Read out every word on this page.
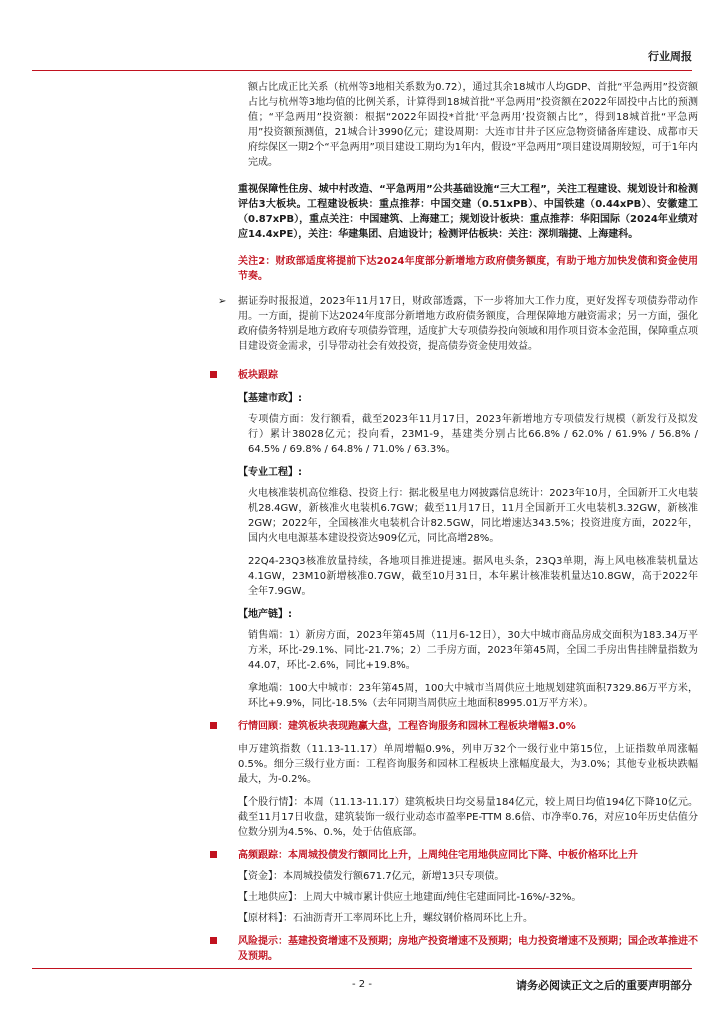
行业周报

额占比成正比关系（杭州等3地相关系数为0.72），通过其余18城市人均GDP、首批“平急两用”投资额占比与杭州等3地均值的比例关系，计算得到18城首批“平急两用”投资额在2022年固投中占比的预测值；“平急两用”投资额：根据“2022年固投*首批‘平急两用’投资额占比”，得到18城首批“平急两用”投资额预测值，21城合计3990亿元；建设周期：大连市甘井子区应急物资储备库建设、成都市天府综保区一期2个“平急两用”项目建设工期均为1年内，假设“平急两用”项目建设周期较短，可于1年内完成。

重视保障性住房、城中村改造、“平急两用”公共基础设施“三大工程”，关注工程建设、规划设计和检测评估3大板块。工程建设板块：重点推荐：中国交建（0.51xPB）、中国铁建（0.44xPB）、安徽建工（0.87xPB），重点关注：中国建筑、上海建工；规划设计板块：重点推荐：华阳国际（2024年业绩对应14.4xPE），关注：华建集团、启迪设计；检测评估板块：关注：深圳瑞捷、上海建科。

关注2：财政部适度将提前下达2024年度部分新增地方政府债务额度，有助于地方加快发债和资金使用节奏。

➢ 据证券时报报道，2023年11月17日，财政部透露，下一步将加大工作力度，更好发挥专项债券带动作用。一方面，提前下达2024年度部分新增地方政府债务额度，合理保障地方融资需求；另一方面，强化政府债务特别是地方政府专项债券管理，适度扩大专项债券投向领域和用作项目资本金范围，保障重点项目建设资金需求，引导带动社会有效投资，提高债券资金使用效益。

板块跟踪

【基建市政】:

专项债方面：发行额看，截至2023年11月17日，2023年新增地方专项债发行规模（新发行及拟发行）累计38028亿元；投向看，23M1-9，基建类分别占比66.8% / 62.0% / 61.9% / 56.8% / 64.5% / 69.8% / 64.8% / 71.0% / 63.3%。

【专业工程】:

火电核准装机高位维稳、投资上行：据北极星电力网披露信息统计：2023年10月，全国新开工火电装机28.4GW，新核准火电装机6.7GW；截至11月17日，11月全国新开工火电装机3.32GW，新核准2GW；2022年，全国核准火电装机合计82.5GW，同比增速达343.5%；投资进度方面，2022年，国内火电电源基本建设投资达909亿元，同比高增28%。

22Q4-23Q3核准放量持续，各地项目推进提速。据风电头条，23Q3单期，海上风电核准装机量达4.1GW，23M10新增核准0.7GW，截至10月31日，本年累计核准装机量达10.8GW，高于2022年全年7.9GW。

【地产链】:

销售端：1）新房方面，2023年第45周（11月6-12日），30大中城市商品房成交面积为183.34万平方米，环比-29.1%、同比-21.7%；2）二手房方面，2023年第45周，全国二手房出售挂牌量指数为44.07，环比-2.6%，同比+19.8%。

拿地端：100大中城市：23年第45周，100大中城市当周供应土地规划建筑面积7329.86万平方米，环比+9.9%，同比-18.5%（去年同期当周供应土地面积8995.01万平方米）。

行情回顾：建筑板块表现跑赢大盘，工程咨询服务和园林工程板块增幅3.0%

申万建筑指数（11.13-11.17）单周增幅0.9%，列申万32个一级行业中第15位，上证指数单周涨幅0.5%。细分三级行业方面：工程咨询服务和园林工程板块上涨幅度最大，为3.0%；其他专业板块跌幅最大，为-0.2%。

【个股行情】：本周（11.13-11.17）建筑板块日均交易量184亿元，较上周日均值194亿下降10亿元。截至11月17日收盘，建筑装饰一级行业动态市盈率PE-TTM 8.6倍、市净率0.76，对应10年历史估值分位数分别为4.5%、0.%，处于估值底部。

高频跟踪：本周城投债发行额同比上升，上周纯住宅用地供应同比下降、中板价格环比上升

【资金】：本周城投债发行额671.7亿元，新增13只专项债。

【土地供应】：上周大中城市累计供应土地建面/纯住宅建面同比-16%/-32%。

【原材料】：石油沥青开工率周环比上升，螺纹钢价格周环比上升。

风险提示：基建投资增速不及预期；房地产投资增速不及预期；电力投资增速不及预期；国企改革推进不及预期。

- 2 -	请务必阅读正文之后的重要声明部分
